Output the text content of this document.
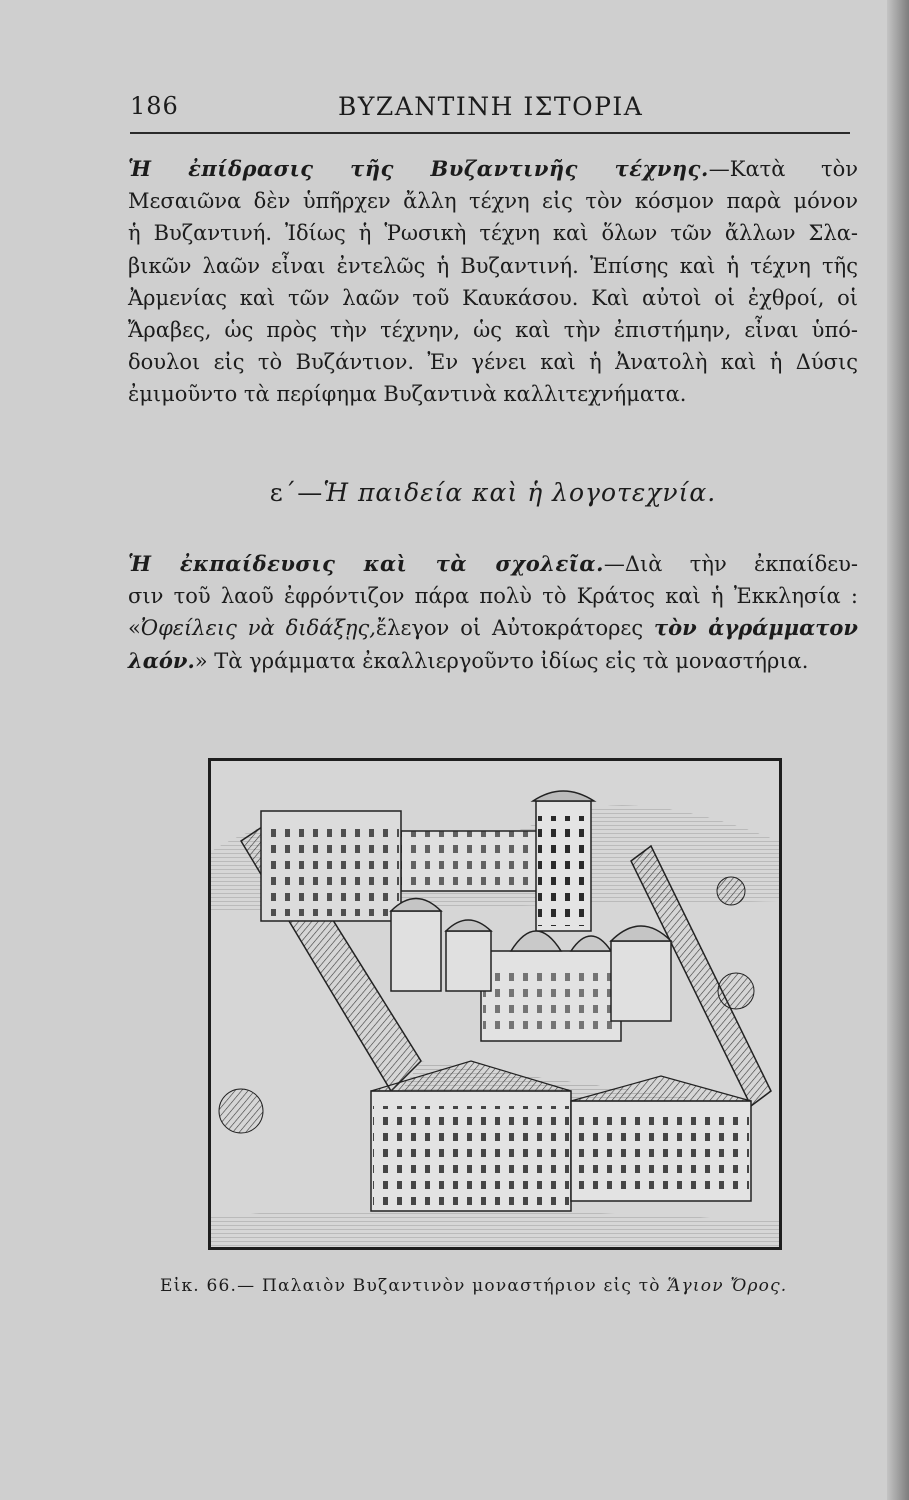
186	ΒΥΖΑΝΤΙΝΗ ΙΣΤΟΡΙΑ
Ἡ ἐπίδρασις τῆς Βυζαντινῆς τέχνης.—Κατὰ τὸν
Μεσαιῶνα δὲν ὑπῆρχεν ἄλλη τέχνη εἰς τὸν κόσμον παρὰ μόνον
ἡ Βυζαντινή. Ἰδίως ἡ Ῥωσικὴ τέχνη καὶ ὅλων τῶν ἄλλων Σλα-
βικῶν λαῶν εἶναι ἐντελῶς ἡ Βυζαντινή. Ἐπίσης καὶ ἡ τέχνη τῆς
Ἀρμενίας καὶ τῶν λαῶν τοῦ Καυκάσου. Καὶ αὐτοὶ οἱ ἐχθροί, οἱ
Ἄραβες, ὡς πρὸς τὴν τέχνην, ὡς καὶ τὴν ἐπιστήμην, εἶναι ὑπό-
δουλοι εἰς τὸ Βυζάντιον. Ἐν γένει καὶ ἡ Ἀνατολὴ καὶ ἡ Δύσις
ἐμιμοῦντο τὰ περίφημα Βυζαντινὰ καλλιτεχνήματα.
ε΄—Ἡ παιδεία καὶ ἡ λογοτεχνία.
Ἡ ἐκπαίδευσις καὶ τὰ σχολεῖα.—Διὰ τὴν ἐκπαίδευ-
σιν τοῦ λαοῦ ἐφρόντιζον πάρα πολὺ τὸ Κράτος καὶ ἡ Ἐκκλησία :
«Ὀφείλεις νὰ διδάξῃς,ἔλεγον οἱ Αὐτοκράτορες τὸν ἀγράμματον
λαόν.» Τὰ γράμματα ἐκαλλιεργοῦντο ἰδίως εἰς τὰ μοναστήρια.
Εἰκ. 66.— Παλαιὸν Βυζαντινὸν μοναστήριον εἰς τὸ Ἅγιον Ὄρος.
